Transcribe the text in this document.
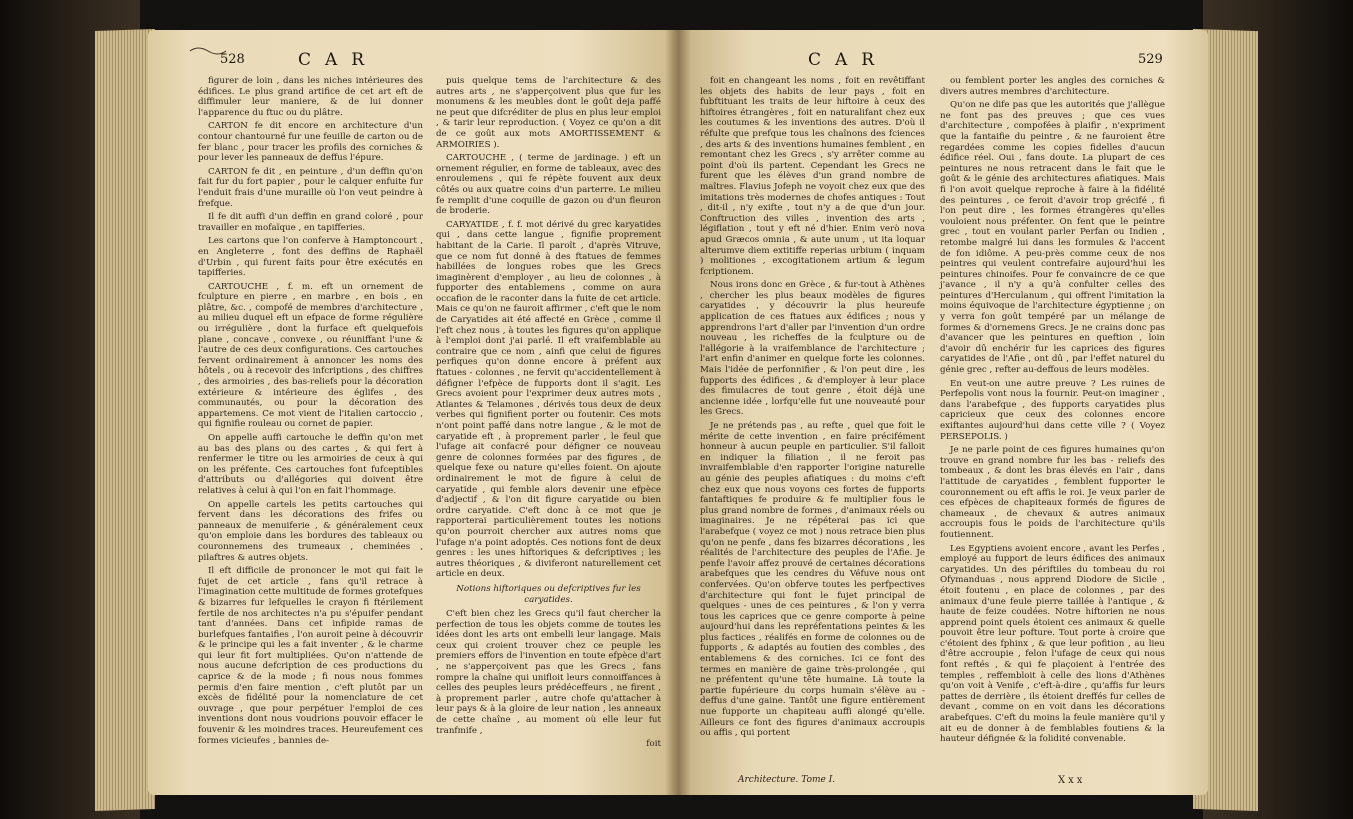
528	CAR

figurer de loin , dans les niches intérieures des édifices. Le plus grand artifice de cet art eft de diffimuler leur maniere, & de lui donner l'apparence du ftuc ou du plâtre.

CARTON fe dit encore en architecture d'un contour chantourné fur une feuille de carton ou de fer blanc , pour tracer les profils des corniches & pour lever les panneaux de deffus l'épure.

CARTON fe dit , en peinture , d'un deffin qu'on fait fur du fort papier , pour le calquer enfuite fur l'enduit frais d'une muraille où l'on veut peindre à frefque.

Il fe dit auffi d'un deffin en grand coloré , pour travailler en mofaïque , en tapifferies.

Les cartons que l'on conferve à Hamptoncourt , en Angleterre , font des deffins de Raphaël d'Urbin , qui furent faits pour être exécutés en tapifferies.

CARTOUCHE , f. m. eft un ornement de fculpture en pierre , en marbre , en bois , en plâtre, &c. , compofé de membres d'architecture , au milieu duquel eft un efpace de forme régulière ou irrégulière , dont la furface eft quelquefois plane , concave , convexe , ou réuniffant l'une & l'autre de ces deux configurations. Ces cartouches fervent ordinairement à annoncer les noms des hôtels , ou à recevoir des infcriptions , des chiffres , des armoiries , des bas-reliefs pour la décoration extérieure & intérieure des églifes , des communautés, ou pour la décoration des appartemens. Ce mot vient de l'italien cartoccio , qui fignifie rouleau ou cornet de papier.

On appelle auffi cartouche le deffin qu'on met au bas des plans ou des cartes , & qui fert à renfermer le titre ou les armoiries de ceux à qui on les préfente. Ces cartouches font fufceptibles d'attributs ou d'allégories qui doivent être relatives à celui à qui l'on en fait l'hommage.

On appelle cartels les petits cartouches qui fervent dans les décorations des frifes ou panneaux de menuiferie , & généralement ceux qu'on emploie dans les bordures des tableaux ou couronnemens des trumeaux , cheminées , pilaftres & autres objets.

Il eft difficile de prononcer le mot qui fait le fujet de cet article , fans qu'il retrace à l'imagination cette multitude de formes grotefques & bizarres fur lefquelles le crayon fi ftérilement fertile de nos architectes n'a pu s'épuifer pendant tant d'années. Dans cet infipide ramas de burlefques fantaifies , l'on auroit peine à découvrir & le principe qui les a fait inventer , & le charme qui leur fit fort multipliées. Qu'on n'attende de nous aucune defcription de ces productions du caprice & de la mode ; fi nous nous fommes permis d'en faire mention , c'eft plutôt par un excès de fidélité pour la nomenclature de cet ouvrage , que pour perpétuer l'emploi de ces inventions dont nous voudrions pouvoir effacer le fouvenir & les moindres traces. Heureufement ces formes vicieufes , bannies de-

puis quelque tems de l'architecture & des autres arts , ne s'apperçoivent plus que fur les monumens & les meubles dont le goût deja paffé ne peut que difcréditer de plus en plus leur emploi , & tarir leur reproduction. ( Voyez ce qu'on a dit de ce goût aux mots AMORTISSEMENT & ARMOIRIES ).

CARTOUCHE , ( terme de jardinage. ) eft un ornement régulier, en forme de tableaux, avec des enroulemens , qui fe répète fouvent aux deux côtés ou aux quatre coins d'un parterre. Le milieu fe remplit d'une coquille de gazon ou d'un fleuron de broderie.

CARYATIDE , f. f. mot dérivé du grec karyatides qui , dans cette langue , fignifie proprement habitant de la Carie. Il paroît , d'après Vitruve, que ce nom fut donné à des ftatues de femmes habillées de longues robes que les Grecs imaginèrent d'employer , au lieu de colonnes , à fupporter des entablemens , comme on aura occafion de le raconter dans la fuite de cet article. Mais ce qu'on ne fauroit affirmer , c'eft que le nom de Caryatides ait été affecté en Grèce , comme il l'eft chez nous , à toutes les figures qu'on applique à l'emploi dont j'ai parlé. Il eft vraifemblable au contraire que ce nom , ainfi que celui de figures perfiques qu'on donne encore à préfent aux ftatues - colonnes , ne fervit qu'accidentellement à défigner l'efpèce de fupports dont il s'agit. Les Grecs avoient pour l'exprimer deux autres mots , Atlantes & Telamones , dérivés tous deux de deux verbes qui fignifient porter ou foutenir. Ces mots n'ont point paffé dans notre langue , & le mot de caryatide eft , à proprement parler , le feul que l'ufage ait confacré pour défigner ce nouveau genre de colonnes formées par des figures , de quelque fexe ou nature qu'elles foient. On ajoute ordinairement le mot de figure à celui de caryatide , qui femble alors devenir une efpèce d'adjectif , & l'on dit figure caryatide ou bien ordre caryatide. C'eft donc à ce mot que je rapporterai particulièrement toutes les notions qu'on pourroit chercher aux autres noms que l'ufage n'a point adoptés. Ces notions font de deux genres : les unes hiftoriques & defcriptives ; les autres théoriques , & diviferont naturellement cet article en deux.

Notions hiftoriques ou defcriptives fur les caryatides.

C'eft bien chez les Grecs qu'il faut chercher la perfection de tous les objets comme de toutes les idées dont les arts ont embelli leur langage. Mais ceux qui croient trouver chez ce peuple les premiers effors de l'invention en toute efpèce d'art , ne s'apperçoivent pas que les Grecs , fans rompre la chaîne qui unifloit leurs connoiffances à celles des peuples leurs prédéceffeurs , ne firent , à proprement parler , autre chofe qu'attacher à leur pays & à la gloire de leur nation , les anneaux de cette chaîne , au moment où elle leur fut tranfmife ,

foit

CAR	529

foit en changeant les noms , foit en revêtiffant les objets des habits de leur pays , foit en fubftituant les traits de leur hiftoire à ceux des hiftoires étrangères , foit en naturalifant chez eux les coutumes & les inventions des autres. D'où il réfulte que prefque tous les chaînons des fciences , des arts & des inventions humaines femblent , en remontant chez les Grecs , s'y arrêter comme au point d'où ils partent. Cependant les Grecs ne furent que les élèves d'un grand nombre de maîtres. Flavius Jofeph ne voyoit chez eux que des imitations très modernes de chofes antiques : Tout , dit-il , n'y exifte , tout n'y a de que d'un jour. Conftruction des villes , invention des arts , légiflation , tout y eft né d'hier. Enim verò nova apud Græcos omnia , & aute unum , ut ita loquar alterumve diem extitiffe reperias urbium ( inquam ) molitiones , excogitationem artium & legum fcriptionem.

Nous irons donc en Grèce , & fur-tout à Athènes , chercher les plus beaux modèles de figures caryatides , y découvrir la plus heureufe application de ces ftatues aux édifices ; nous y apprendrons l'art d'aller par l'invention d'un ordre nouveau , les richeffes de la fculpture ou de l'allégorie à la vraifemblance de l'architecture ; l'art enfin d'animer en quelque forte les colonnes. Mais l'idée de perfonnifier , & l'on peut dire , les fupports des édifices , & d'employer à leur place des fimulacres de tout genre , étoit déjà une ancienne idée , lorfqu'elle fut une nouveauté pour les Grecs.

Je ne prétends pas , au refte , quel que foit le mérite de cette invention , en faire précifément honneur à aucun peuple en particulier. S'il falloit en indiquer la filiation , il ne feroit pas invraifemblable d'en rapporter l'origine naturelle au génie des peuples afiatiques : du moins c'eft chez eux que nous voyons ces fortes de fupports fantaftiques fe produire & fe multiplier fous le plus grand nombre de formes , d'animaux réels ou imaginaires. Je ne répéterai pas ici que l'arabefque ( voyez ce mot ) nous retrace bien plus qu'on ne penfe , dans fes bizarres décorations , les réalités de l'architecture des peuples de l'Afie. Je penfe l'avoir affez prouvé de certaines décorations arabefques que les cendres du Véfuve nous ont confervées. Qu'on obferve toutes les perfpectives d'architecture qui font le fujet principal de quelques - unes de ces peintures , & l'on y verra tous les caprices que ce genre comporte à peine aujourd'hui dans les repréfentations peintes & les plus factices , réalifés en forme de colonnes ou de fupports , & adaptés au foutien des combles , des entablemens & des corniches. Ici ce font des termes en manière de gaine très-prolongée , qui ne préfentent qu'une tête humaine. Là toute la partie fupérieure du corps humain s'élève au - deffus d'une gaine. Tantôt une figure entièrement nue fupporte un chapiteau auffi alongé qu'elle. Ailleurs ce font des figures d'animaux accroupis ou affis , qui portent

ou femblent porter les angles des corniches & divers autres membres d'architecture.

Qu'on ne dife pas que les autorités que j'allègue ne font pas des preuves ; que ces vues d'architecture , compofées à plaifir , n'expriment que la fantaifie du peintre , & ne fauroient être regardées comme les copies fidelles d'aucun édifice réel. Oui , fans doute. La plupart de ces peintures ne nous retracent dans le fait que le goût & le génie des architectures afiatiques. Mais fi l'on avoit quelque reproche à faire à la fidélité des peintures , ce feroit d'avoir trop grécifé , fi l'on peut dire , les formes étrangères qu'elles vouloient nous préfenter. On fent que le peintre grec , tout en voulant parler Perfan ou Indien , retombe malgré lui dans les formules & l'accent de fon idiôme. A peu-près comme ceux de nos peintres qui veulent contrefaire aujourd'hui les peintures chinoifes. Pour fe convaincre de ce que j'avance , il n'y a qu'à confulter celles des peintures d'Herculanum , qui offrent l'imitation la moins équivoque de l'architecture égyptienne ; on y verra fon goût tempéré par un mélange de formes & d'ornemens Grecs. Je ne crains donc pas d'avancer que les peintures en queftion , loin d'avoir dû enchérir fur les caprices des figures caryatides de l'Afie , ont dû , par l'effet naturel du génie grec , refter au-deffous de leurs modèles.

En veut-on une autre preuve ? Les ruines de Perfepolis vont nous la fournir. Peut-on imaginer , dans l'arabefque , des fupports caryatides plus capricieux que ceux des colonnes encore exiftantes aujourd'hui dans cette ville ? ( Voyez PERSEPOLIS. )

Je ne parle point de ces figures humaines qu'on trouve en grand nombre fur les bas - reliefs des tombeaux , & dont les bras élevés en l'air , dans l'attitude de caryatides , femblent fupporter le couronnement ou eft affis le roi. Je veux parler de ces efpèces de chapiteaux formés de figures de chameaux , de chevaux & autres animaux accroupis fous le poids de l'architecture qu'ils foutiennent.

Les Egyptiens avoient encore , avant les Perfes , employé au fupport de leurs édifices des animaux caryatides. Un des périftiles du tombeau du roi Ofymanduas , nous apprend Diodore de Sicile , étoit foutenu , en place de colonnes , par des animaux d'une feule pierre taillée à l'antique , & haute de feize coudées. Notre hiftorien ne nous apprend point quels étoient ces animaux & quelle pouvoit être leur pofture. Tout porte à croire que c'étoient des fphinx , & que leur pofition , au lieu d'être accroupie , felon l'ufage de ceux qui nous font reftés , & qui fe plaçoient à l'entrée des temples , reffembloit à celle des lions d'Athènes qu'on voit à Venife , c'eft-à-dire , qu'affis fur leurs pattes de derrière , ils étoient dreffés fur celles de devant , comme on en voit dans les décorations arabefques. C'eft du moins la feule manière qu'il y ait eu de donner à de femblables foutiens & la hauteur défignée & la folidité convenable.

Architecture. Tome I.	Xxx
